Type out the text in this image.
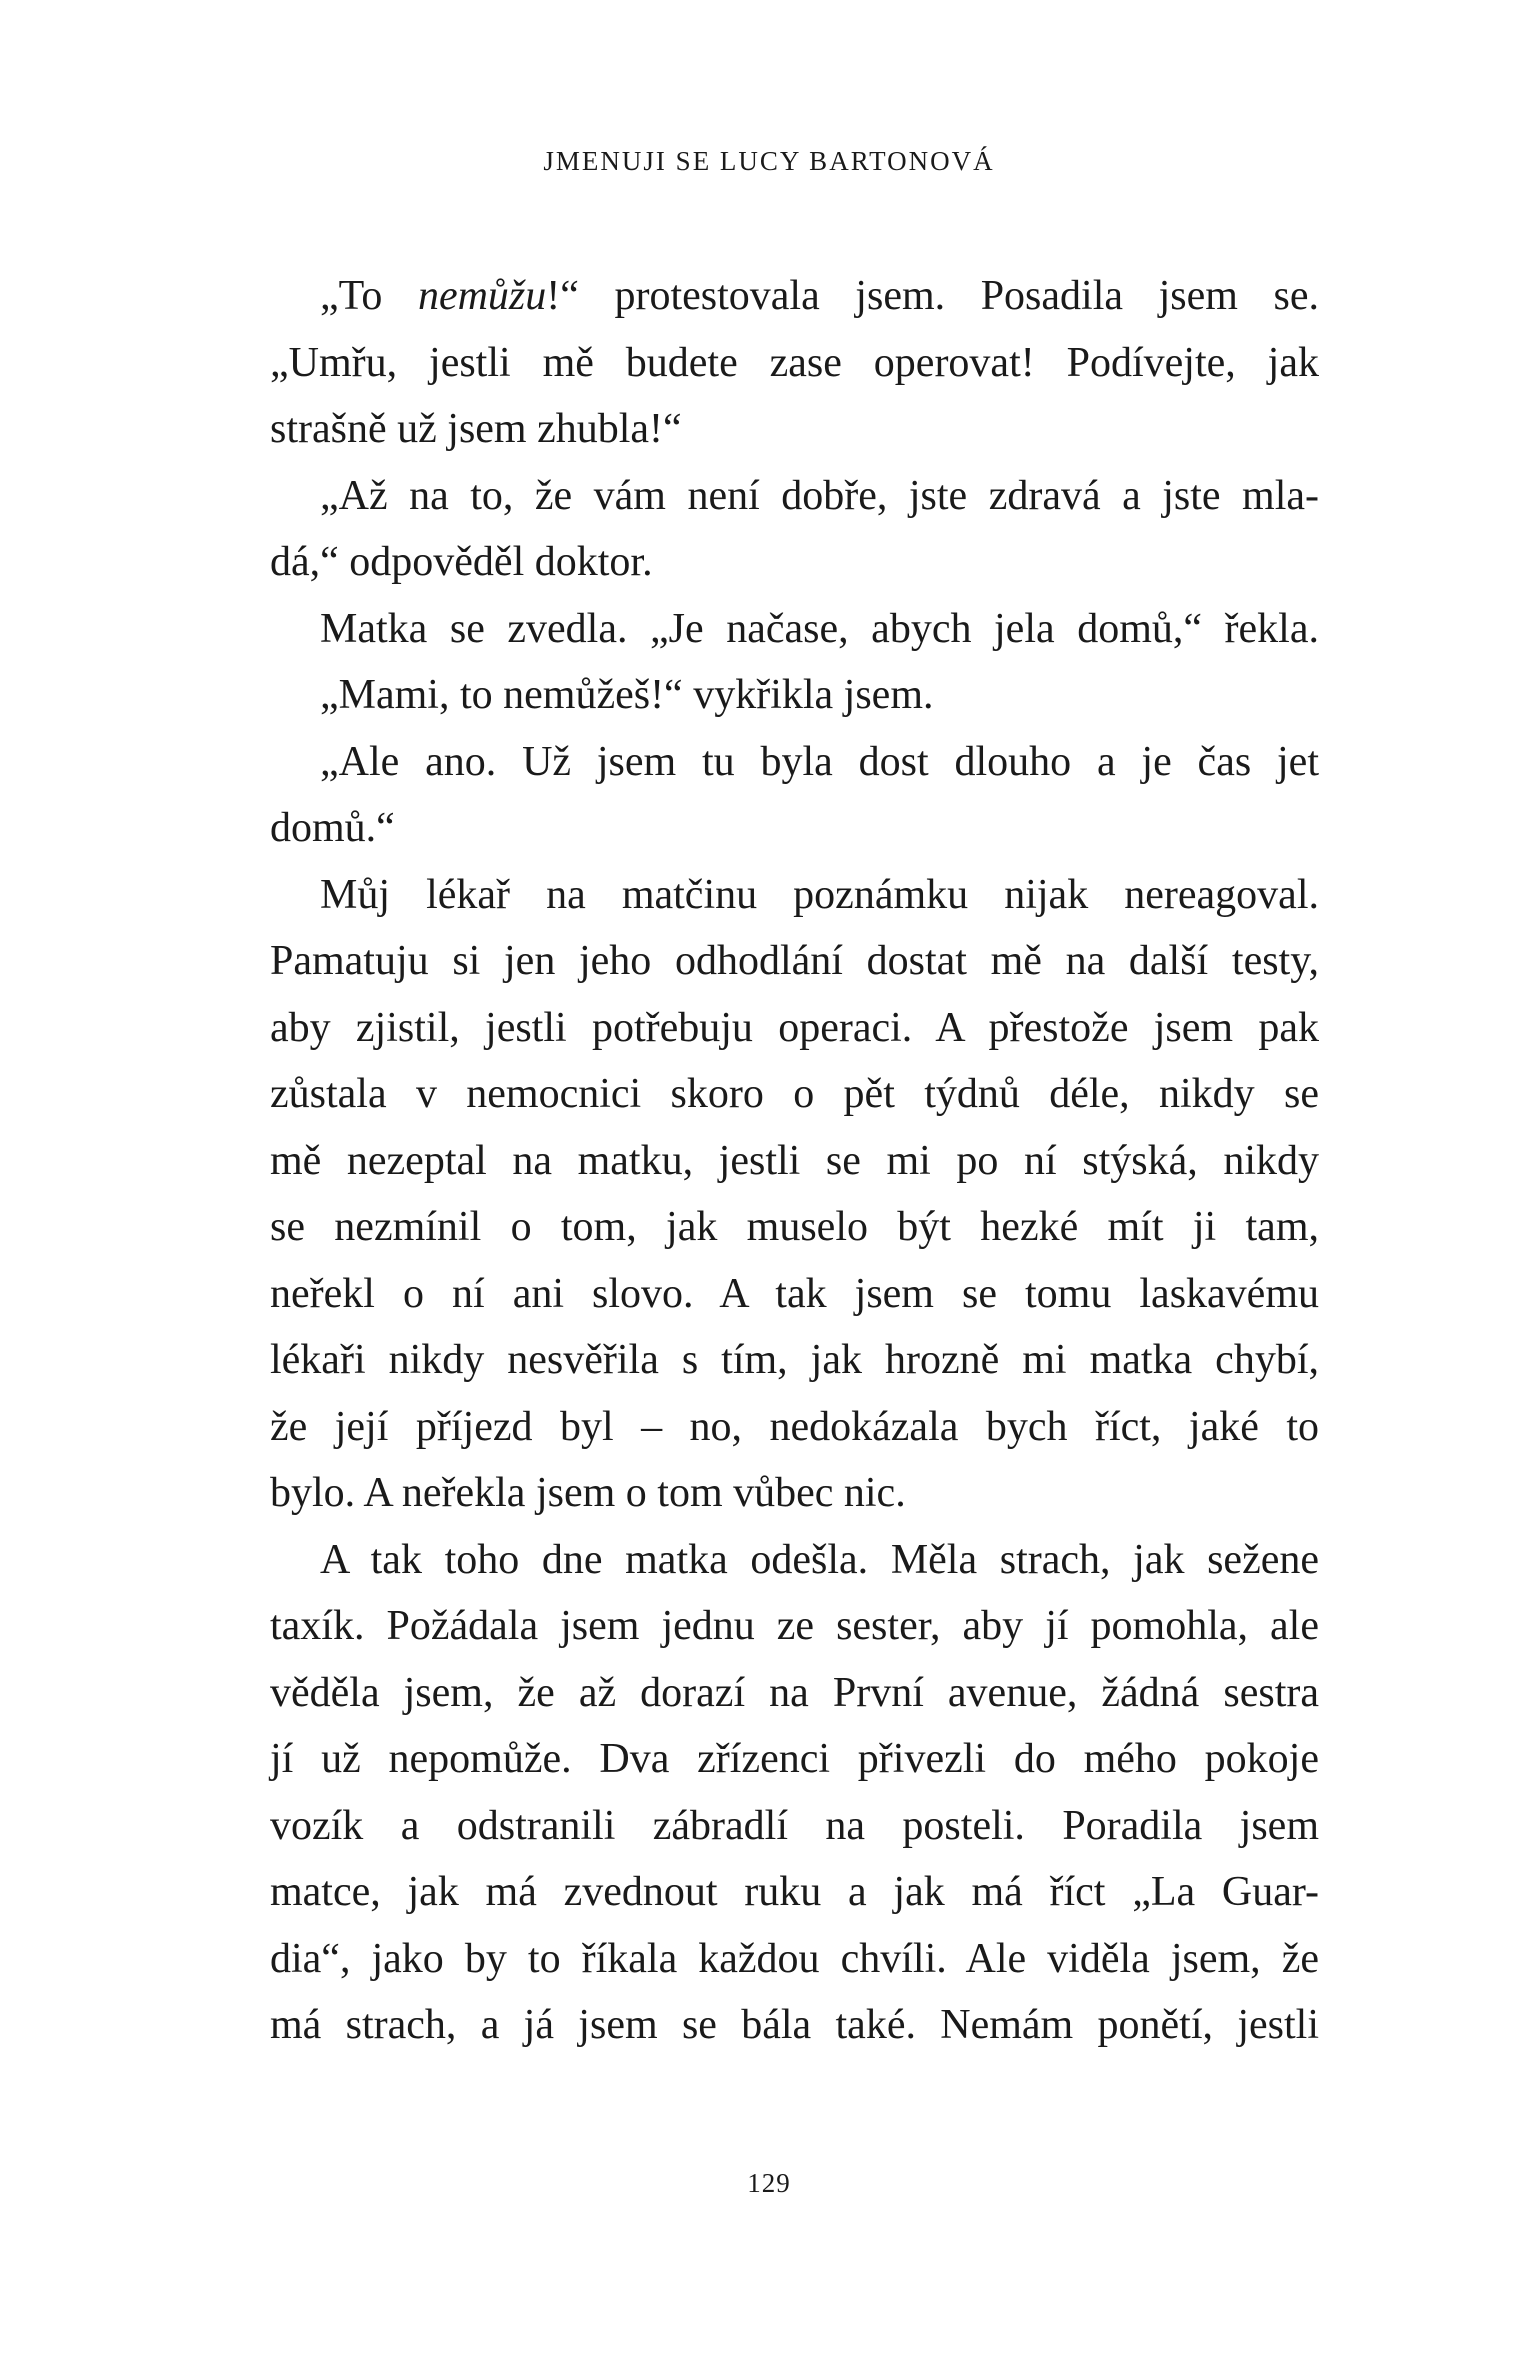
JMENUJI SE LUCY BARTONOVÁ
„To nemůžu!“ protestovala jsem. Posadila jsem se.
„Umřu, jestli mě budete zase operovat! Podívejte, jak
strašně už jsem zhubla!“
„Až na to, že vám není dobře, jste zdravá a jste mla-
dá,“ odpověděl doktor.
Matka se zvedla. „Je načase, abych jela domů,“ řekla.
„Mami, to nemůžeš!“ vykřikla jsem.
„Ale ano. Už jsem tu byla dost dlouho a je čas jet
domů.“
Můj lékař na matčinu poznámku nijak nereagoval.
Pamatuju si jen jeho odhodlání dostat mě na další testy,
aby zjistil, jestli potřebuju operaci. A přestože jsem pak
zůstala v nemocnici skoro o pět týdnů déle, nikdy se
mě nezeptal na matku, jestli se mi po ní stýská, nikdy
se nezmínil o tom, jak muselo být hezké mít ji tam,
neřekl o ní ani slovo. A tak jsem se tomu laskavému
lékaři nikdy nesvěřila s tím, jak hrozně mi matka chybí,
že její příjezd byl – no, nedokázala bych říct, jaké to
bylo. A neřekla jsem o tom vůbec nic.
A tak toho dne matka odešla. Měla strach, jak sežene
taxík. Požádala jsem jednu ze sester, aby jí pomohla, ale
věděla jsem, že až dorazí na První avenue, žádná sestra
jí už nepomůže. Dva zřízenci přivezli do mého pokoje
vozík a odstranili zábradlí na posteli. Poradila jsem
matce, jak má zvednout ruku a jak má říct „La Guar-
dia“, jako by to říkala každou chvíli. Ale viděla jsem, že
má strach, a já jsem se bála také. Nemám ponětí, jestli
129
